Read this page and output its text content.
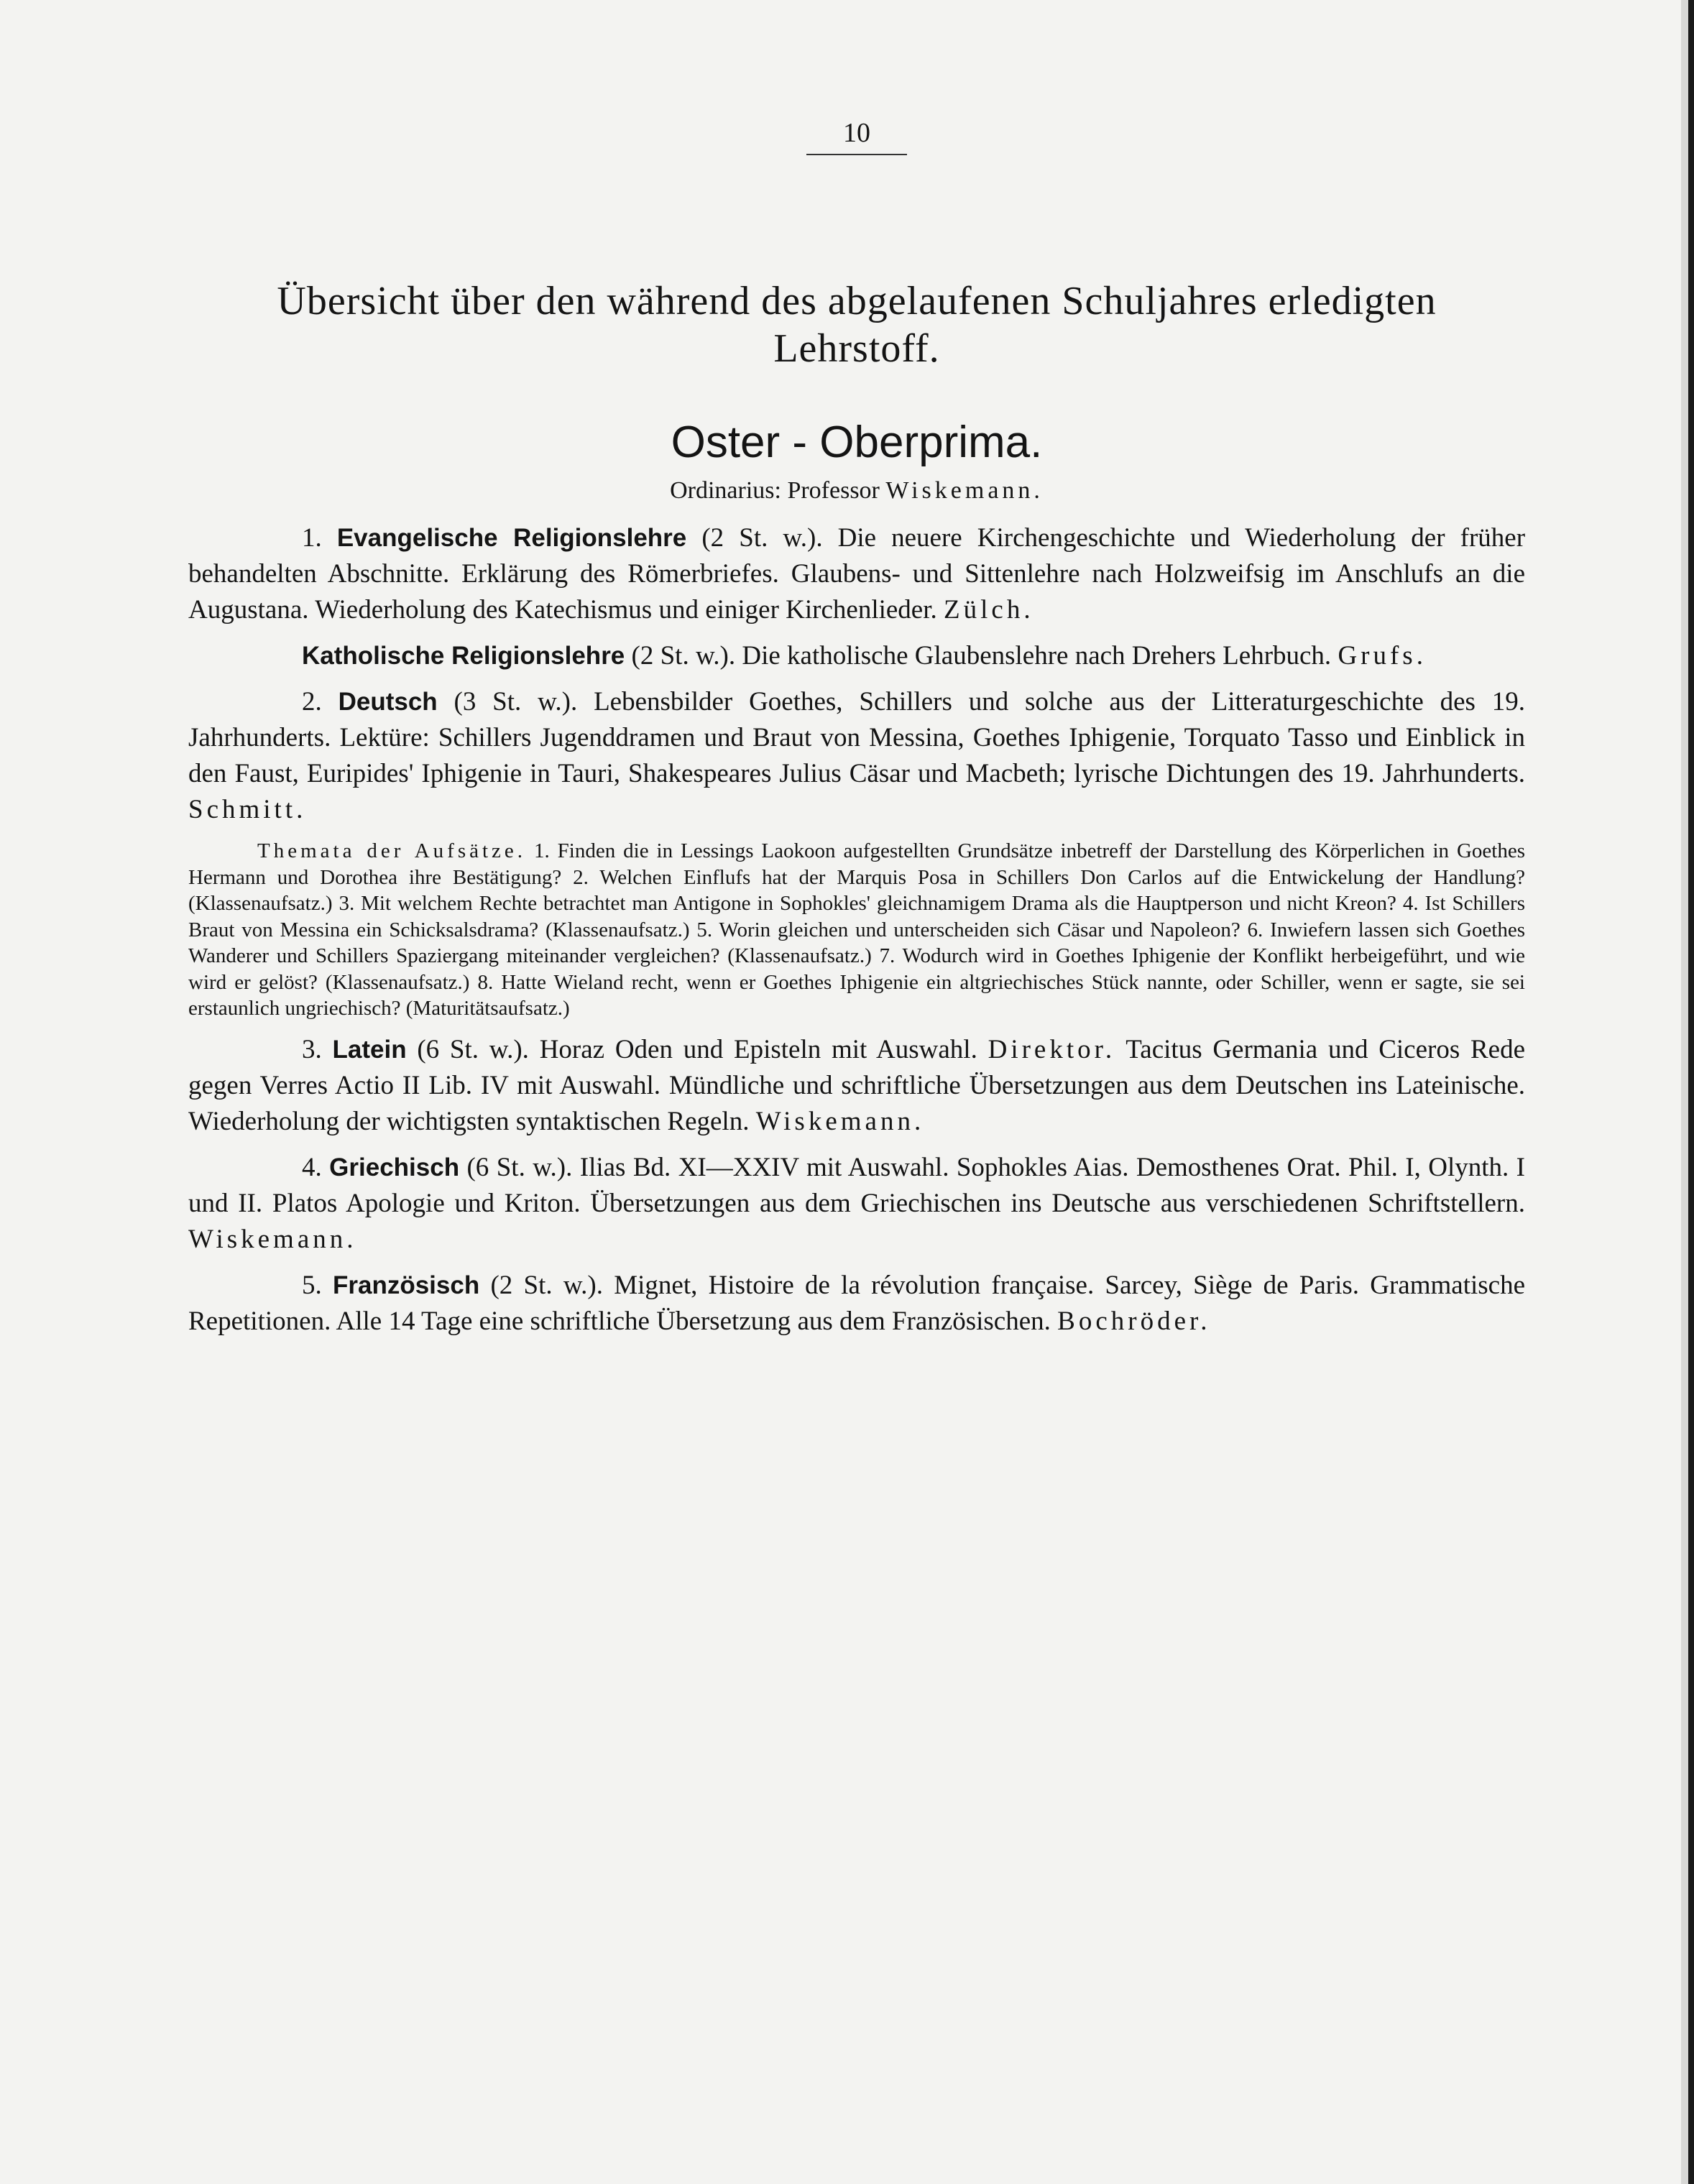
10
Übersicht über den während des abgelaufenen Schuljahres erledigten
Lehrstoff.
Oster - Oberprima.
Ordinarius: Professor Wiskemann.

1. Evangelische Religionslehre (2 St. w.). Die neuere Kirchengeschichte und Wiederholung der früher behandelten Abschnitte. Erklärung des Römerbriefes. Glaubens- und Sittenlehre nach Holzweifsig im Anschlufs an die Augustana. Wiederholung des Katechismus und einiger Kirchenlieder. Zülch.

Katholische Religionslehre (2 St. w.). Die katholische Glaubenslehre nach Drehers Lehrbuch. Grufs.

2. Deutsch (3 St. w.). Lebensbilder Goethes, Schillers und solche aus der Litteraturgeschichte des 19. Jahrhunderts. Lektüre: Schillers Jugenddramen und Braut von Messina, Goethes Iphigenie, Torquato Tasso und Einblick in den Faust, Euripides' Iphigenie in Tauri, Shakespeares Julius Cäsar und Macbeth; lyrische Dichtungen des 19. Jahrhunderts. Schmitt.

Themata der Aufsätze. 1. Finden die in Lessings Laokoon aufgestellten Grundsätze inbetreff der Darstellung des Körperlichen in Goethes Hermann und Dorothea ihre Bestätigung? 2. Welchen Einflufs hat der Marquis Posa in Schillers Don Carlos auf die Entwickelung der Handlung? (Klassenaufsatz.) 3. Mit welchem Rechte betrachtet man Antigone in Sophokles' gleichnamigem Drama als die Hauptperson und nicht Kreon? 4. Ist Schillers Braut von Messina ein Schicksalsdrama? (Klassenaufsatz.) 5. Worin gleichen und unterscheiden sich Cäsar und Napoleon? 6. Inwiefern lassen sich Goethes Wanderer und Schillers Spaziergang miteinander vergleichen? (Klassenaufsatz.) 7. Wodurch wird in Goethes Iphigenie der Konflikt herbeigeführt, und wie wird er gelöst? (Klassenaufsatz.) 8. Hatte Wieland recht, wenn er Goethes Iphigenie ein altgriechisches Stück nannte, oder Schiller, wenn er sagte, sie sei erstaunlich ungriechisch? (Maturitätsaufsatz.)

3. Latein (6 St. w.). Horaz Oden und Episteln mit Auswahl. Direktor. Tacitus Germania und Ciceros Rede gegen Verres Actio II Lib. IV mit Auswahl. Mündliche und schriftliche Übersetzungen aus dem Deutschen ins Lateinische. Wiederholung der wichtigsten syntaktischen Regeln. Wiskemann.

4. Griechisch (6 St. w.). Ilias Bd. XI—XXIV mit Auswahl. Sophokles Aias. Demosthenes Orat. Phil. I, Olynth. I und II. Platos Apologie und Kriton. Übersetzungen aus dem Griechischen ins Deutsche aus verschiedenen Schriftstellern. Wiskemann.

5. Französisch (2 St. w.). Mignet, Histoire de la révolution française. Sarcey, Siège de Paris. Grammatische Repetitionen. Alle 14 Tage eine schriftliche Übersetzung aus dem Französischen. Bochröder.
